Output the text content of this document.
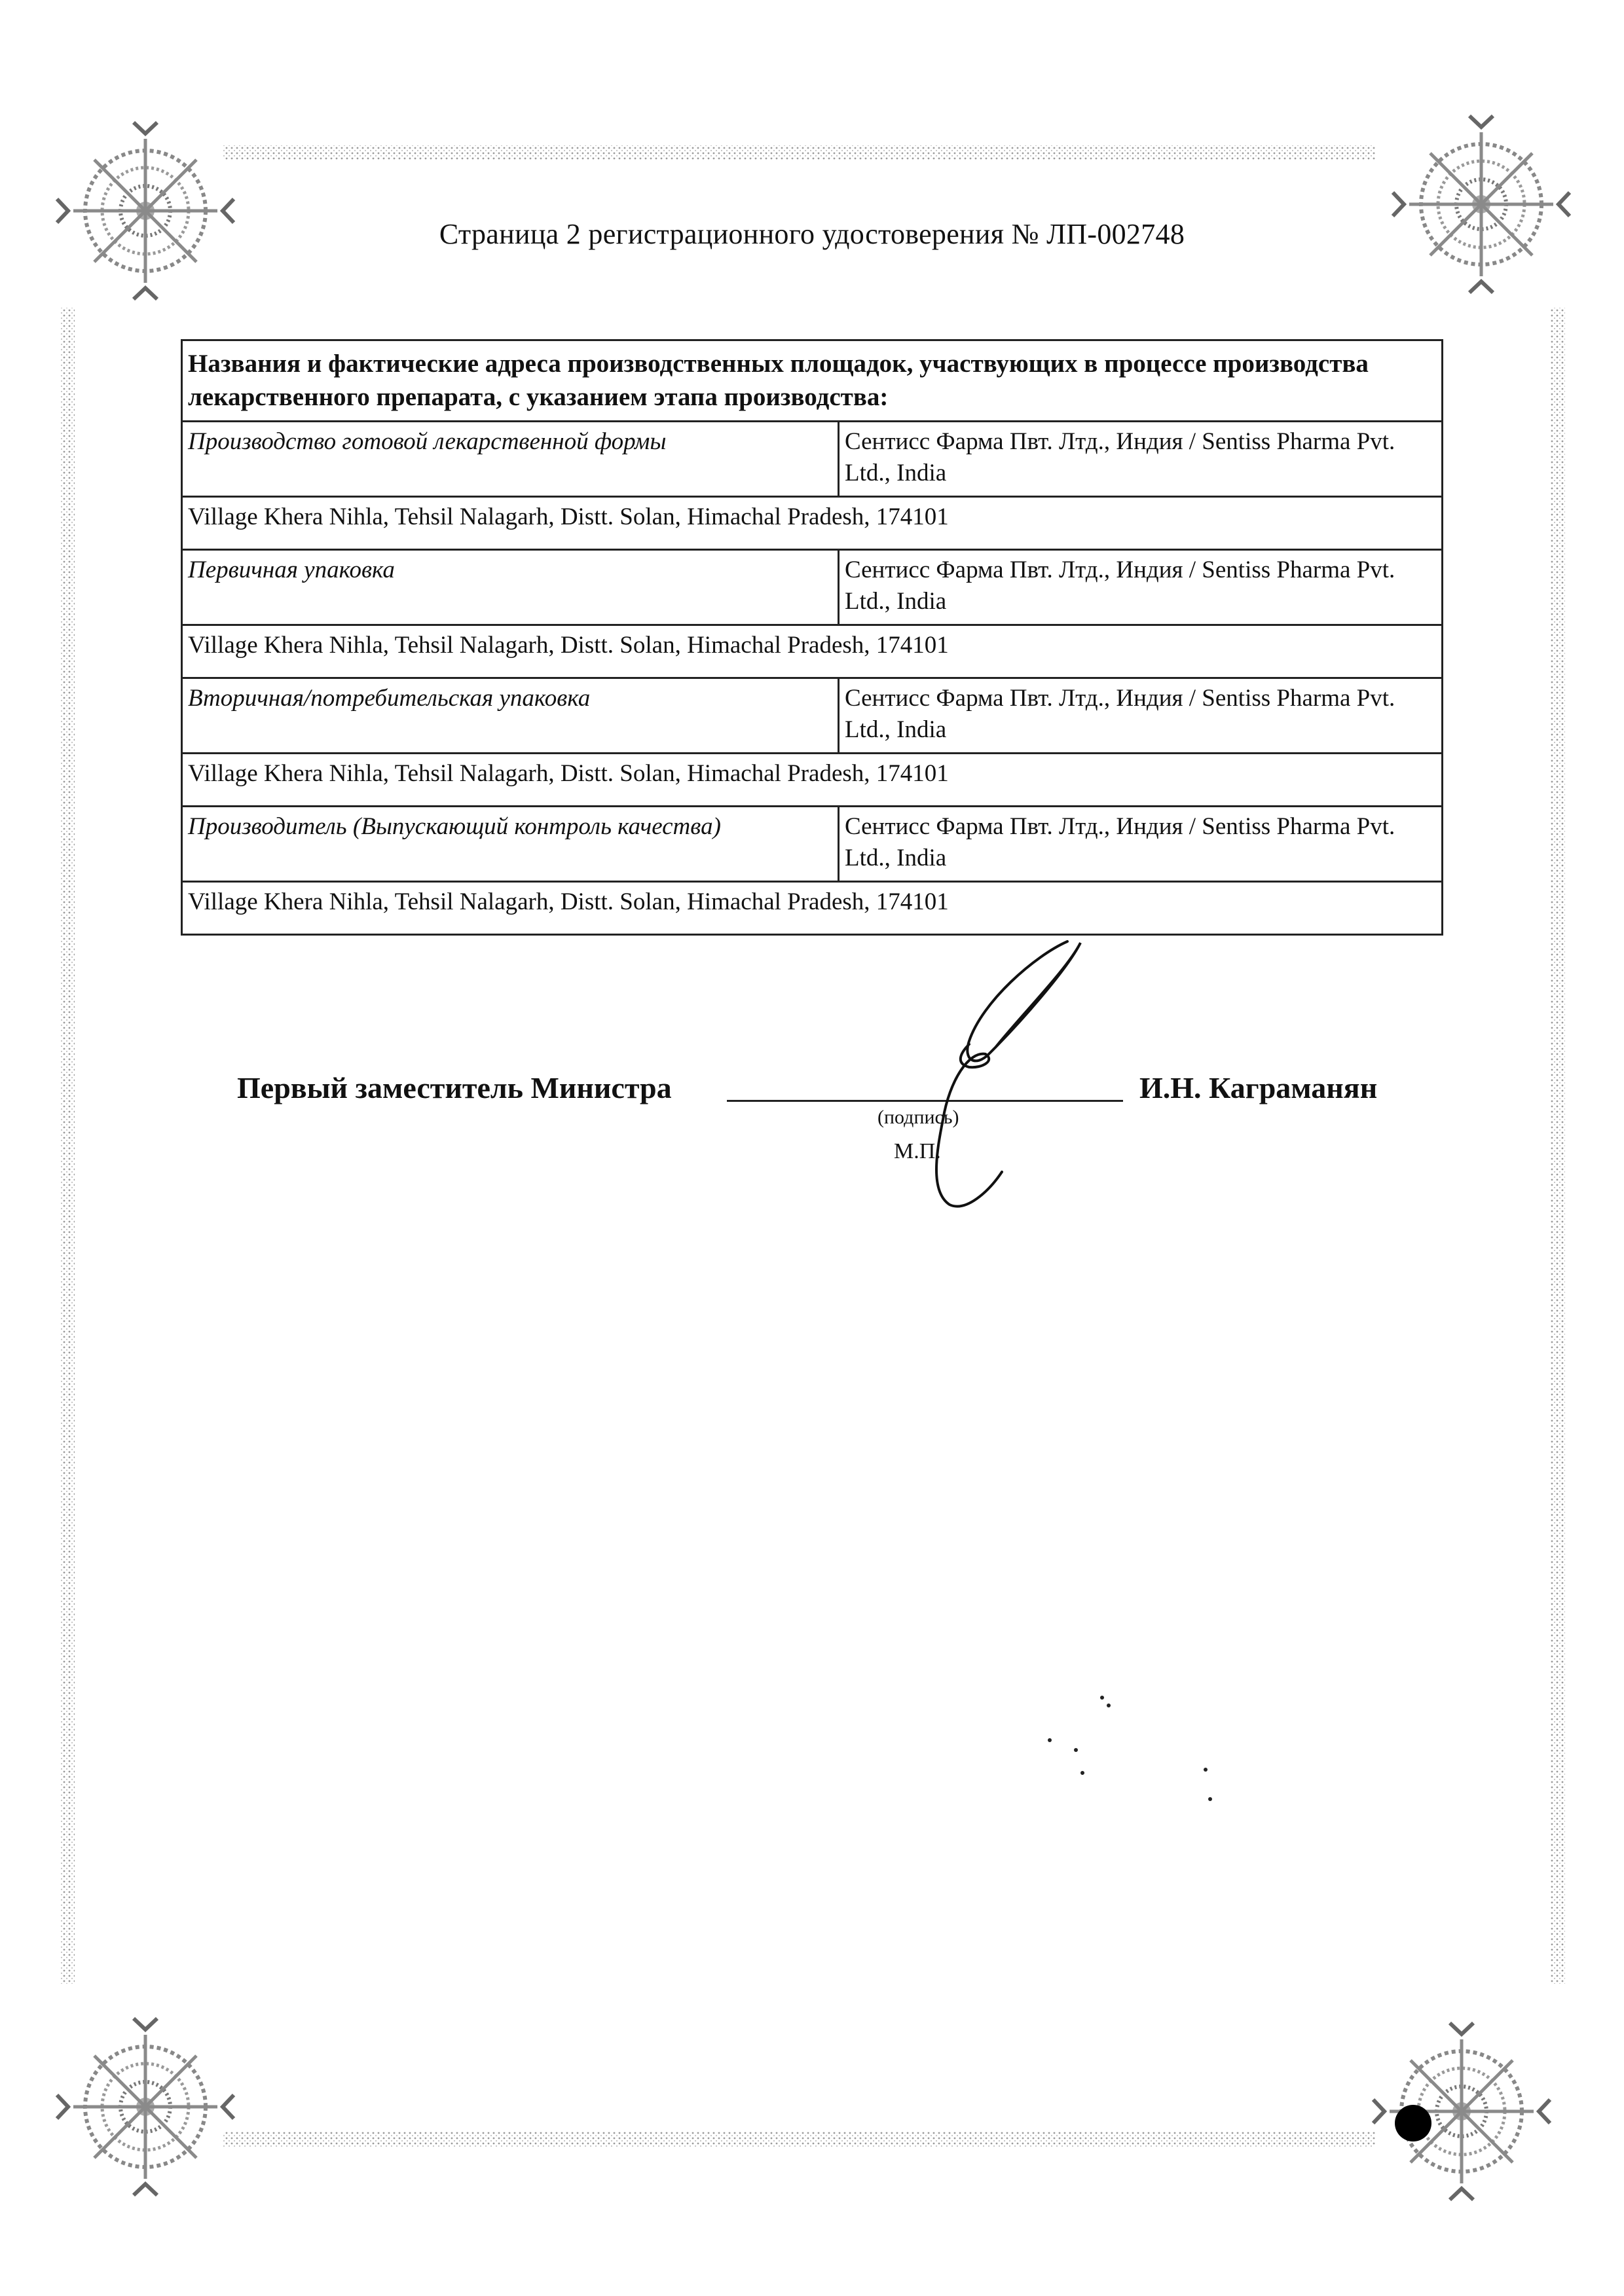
Страница 2 регистрационного удостоверения № ЛП-002748
Названия и фактические адреса производственных площадок, участвующих в процессе производства лекарственного препарата, с указанием этапа производства:	
Производство готовой лекарственной формы	Сентисс Фарма Пвт. Лтд., Индия / Sentiss Pharma Pvt. Ltd., India
Village Khera Nihla, Tehsil Nalagarh, Distt. Solan, Himachal Pradesh, 174101	
Первичная упаковка	Сентисс Фарма Пвт. Лтд., Индия / Sentiss Pharma Pvt. Ltd., India
Village Khera Nihla, Tehsil Nalagarh, Distt. Solan, Himachal Pradesh, 174101	
Вторичная/потребительская упаковка	Сентисс Фарма Пвт. Лтд., Индия / Sentiss Pharma Pvt. Ltd., India
Village Khera Nihla, Tehsil Nalagarh, Distt. Solan, Himachal Pradesh, 174101	
Производитель (Выпускающий контроль качества)	Сентисс Фарма Пвт. Лтд., Индия / Sentiss Pharma Pvt. Ltd., India
Village Khera Nihla, Tehsil Nalagarh, Distt. Solan, Himachal Pradesh, 174101	
Первый заместитель Министра
(подпись)
М.П.
И.Н. Каграманян
